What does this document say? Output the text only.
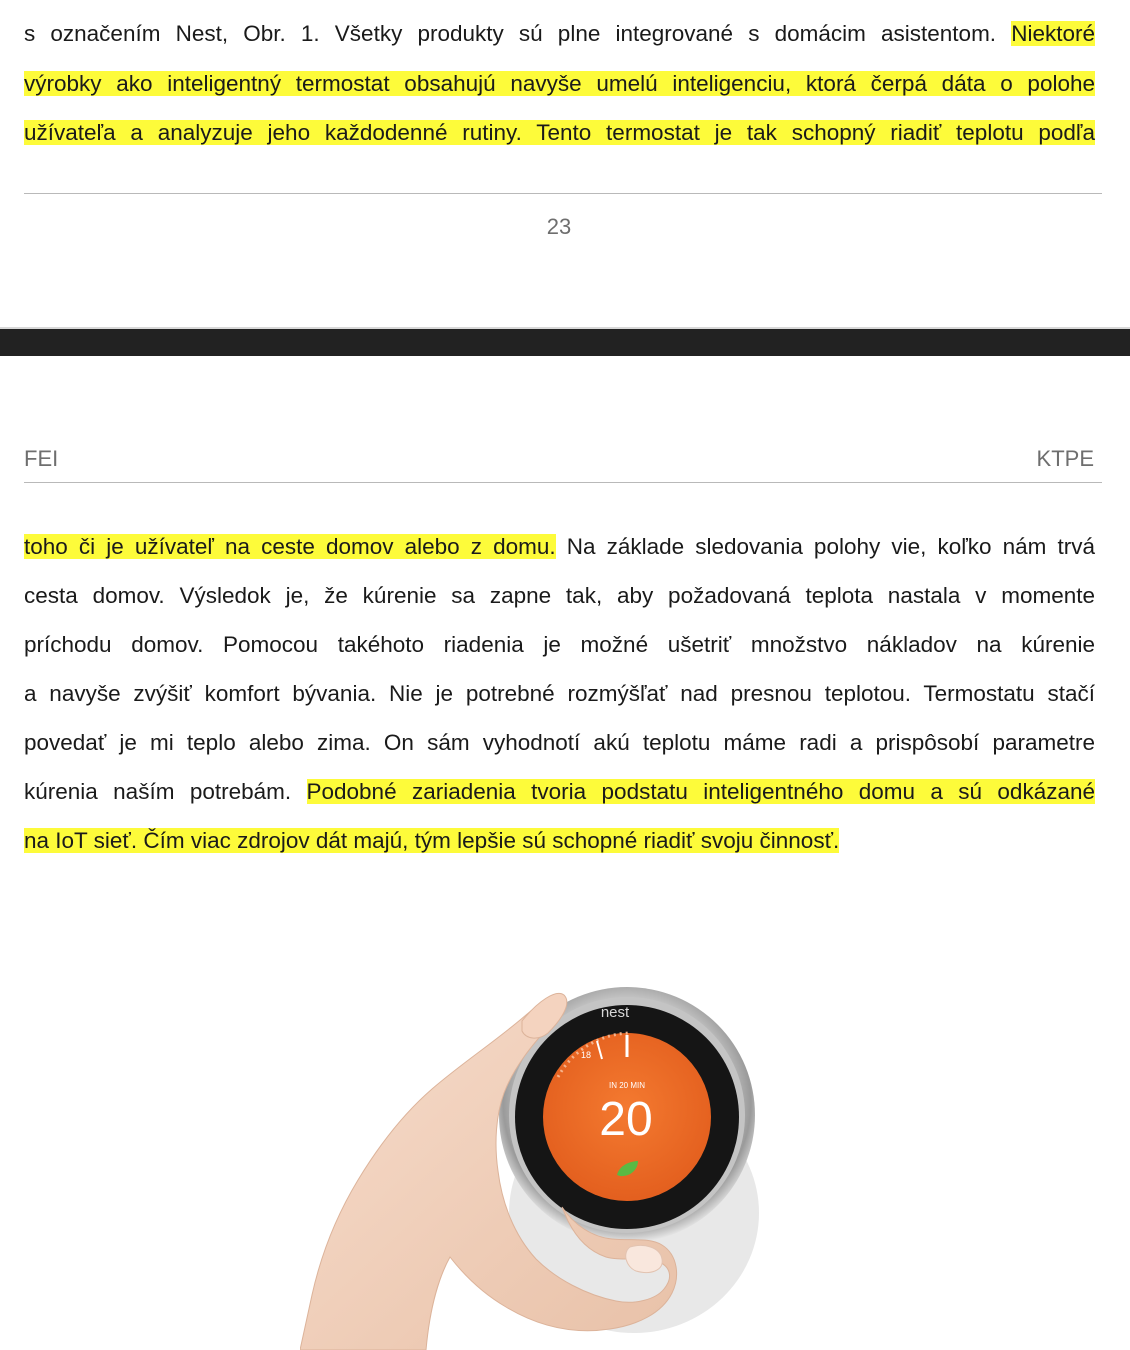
s označením Nest, Obr. 1. Všetky produkty sú plne integrované s domácim asistentom. Niektoré
výrobky ako inteligentný termostat obsahujú navyše umelú inteligenciu, ktorá čerpá dáta o polohe
užívateľa a analyzuje jeho každodenné rutiny. Tento termostat je tak schopný riadiť teplotu podľa
23
FEI	KTPE
toho či je užívateľ na ceste domov alebo z domu. Na základe sledovania polohy vie, koľko nám trvá
cesta domov. Výsledok je, že kúrenie sa zapne tak, aby požadovaná teplota nastala v momente
príchodu domov. Pomocou takéhoto riadenia je možné ušetriť množstvo nákladov na kúrenie
a navyše zvýšiť komfort bývania. Nie je potrebné rozmýšľať nad presnou teplotou. Termostatu stačí
povedať je mi teplo alebo zima. On sám vyhodnotí akú teplotu máme radi a prispôsobí parametre
kúrenia naším potrebám. Podobné zariadenia tvoria podstatu inteligentného domu a sú odkázané
na IoT sieť. Čím viac zdrojov dát majú, tým lepšie sú schopné riadiť svoju činnosť.
nest
18
IN 20 MIN
20
